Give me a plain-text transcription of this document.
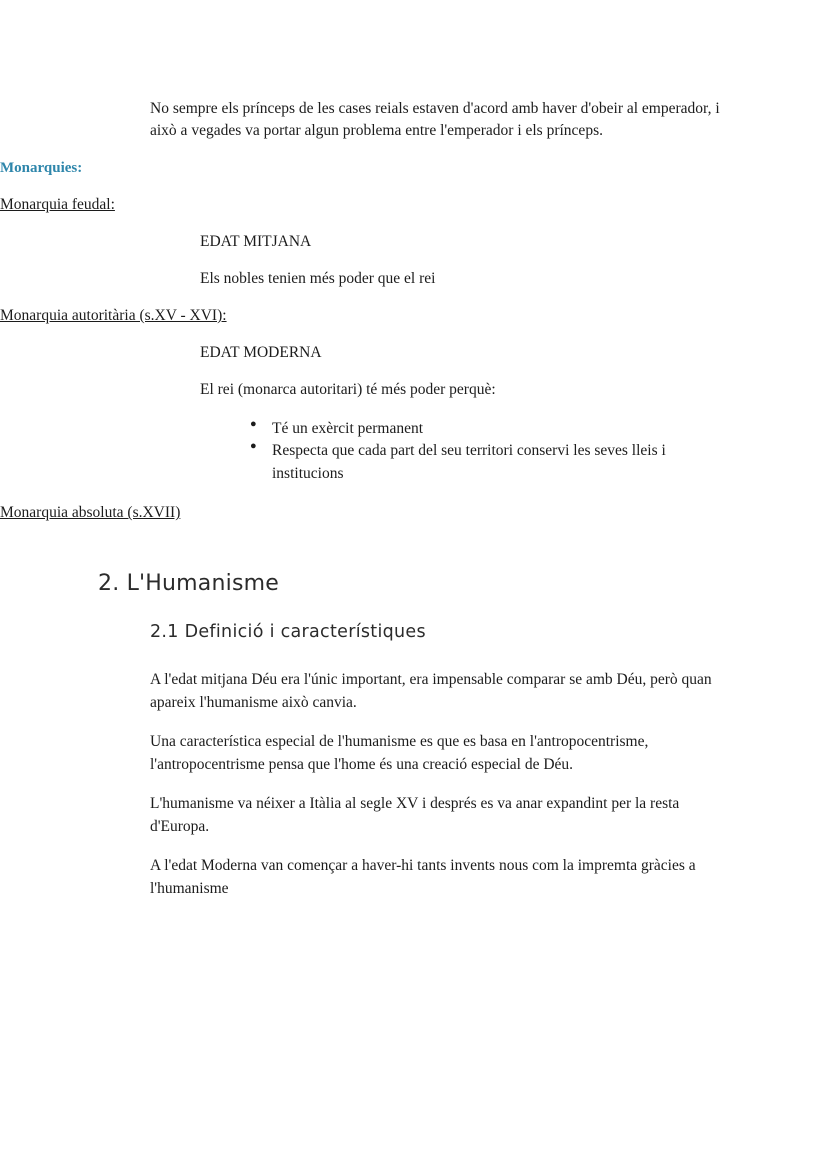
No sempre els prínceps de les cases reials estaven d'acord amb haver d'obeir al emperador, i això a vegades va portar algun problema entre l'emperador i els prínceps.

Monarquies:

Monarquia feudal:

EDAT MITJANA

Els nobles tenien més poder que el rei

Monarquia autoritària (s.XV - XVI):

EDAT MODERNA

El rei (monarca autoritari) té més poder perquè:

● Té un exèrcit permanent
● Respecta que cada part del seu territori conservi les seves lleis i institucions

Monarquia absoluta (s.XVII)

2. L'Humanisme
2.1 Definició i característiques

A l'edat mitjana Déu era l'únic important, era impensable comparar se amb Déu, però quan apareix l'humanisme això canvia.

Una característica especial de l'humanisme es que es basa en l'antropocentrisme, l'antropocentrisme pensa que l'home és una creació especial de Déu.

L'humanisme va néixer a Itàlia al segle XV i després es va anar expandint per la resta d'Europa.

A l'edat Moderna van començar a haver-hi tants invents nous com la impremta gràcies a l'humanisme
